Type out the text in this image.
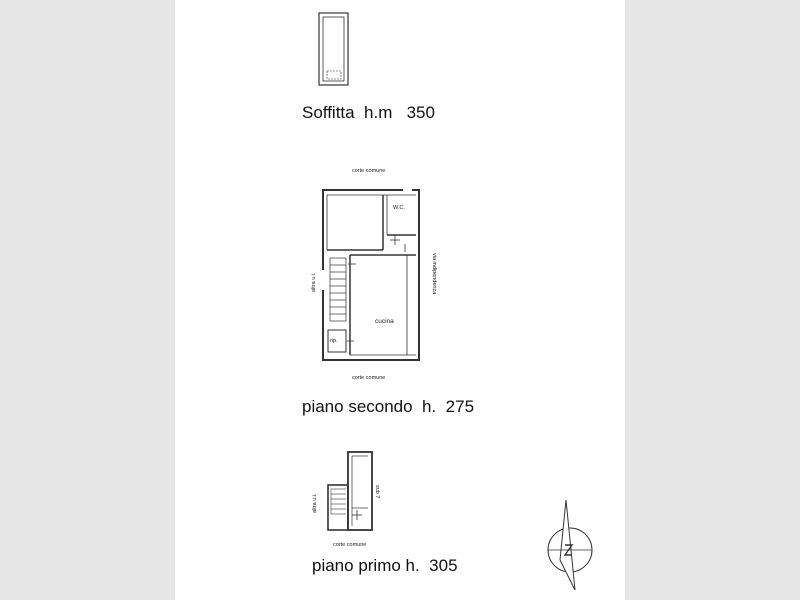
Soffitta  h.m   350
corte comune
W.C.
cucina
rip.
altra u.i.	via indipendenza
corte comune
piano secondo  h.  275
altra u.i.
sub 7
corte comune
piano primo h.  305
